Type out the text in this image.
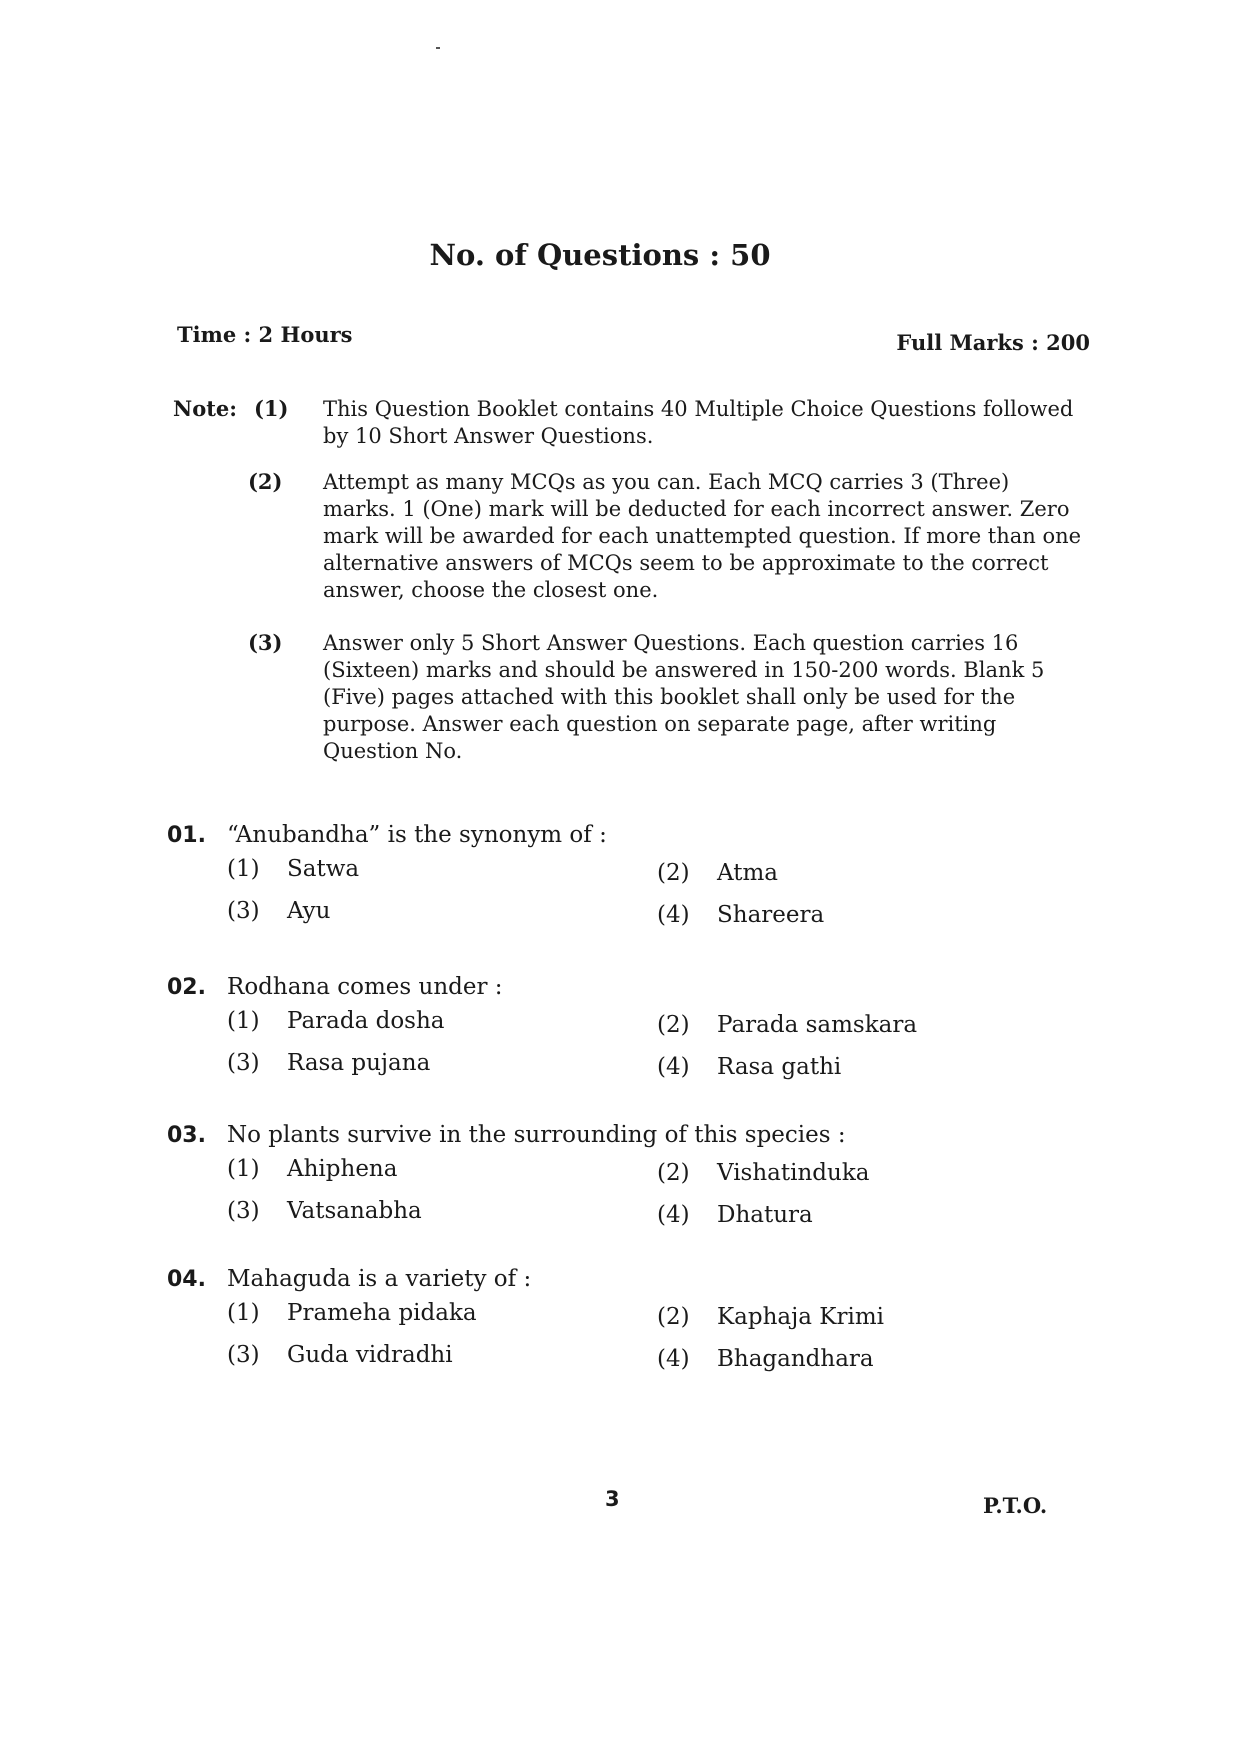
No. of Questions : 50
Time : 2 Hours	Full Marks : 200
Note: (1) This Question Booklet contains 40 Multiple Choice Questions followed by 10 Short Answer Questions.
(2) Attempt as many MCQs as you can. Each MCQ carries 3 (Three) marks. 1 (One) mark will be deducted for each incorrect answer. Zero mark will be awarded for each unattempted question. If more than one alternative answers of MCQs seem to be approximate to the correct answer, choose the closest one.
(3) Answer only 5 Short Answer Questions. Each question carries 16 (Sixteen) marks and should be answered in 150-200 words. Blank 5 (Five) pages attached with this booklet shall only be used for the purpose. Answer each question on separate page, after writing Question No.
01. “Anubandha” is the synonym of :
(1) Satwa	(2) Atma
(3) Ayu	(4) Shareera
02. Rodhana comes under :
(1) Parada dosha	(2) Parada samskara
(3) Rasa pujana	(4) Rasa gathi
03. No plants survive in the surrounding of this species :
(1) Ahiphena	(2) Vishatinduka
(3) Vatsanabha	(4) Dhatura
04. Mahaguda is a variety of :
(1) Prameha pidaka	(2) Kaphaja Krimi
(3) Guda vidradhi	(4) Bhagandhara
3	P.T.O.
